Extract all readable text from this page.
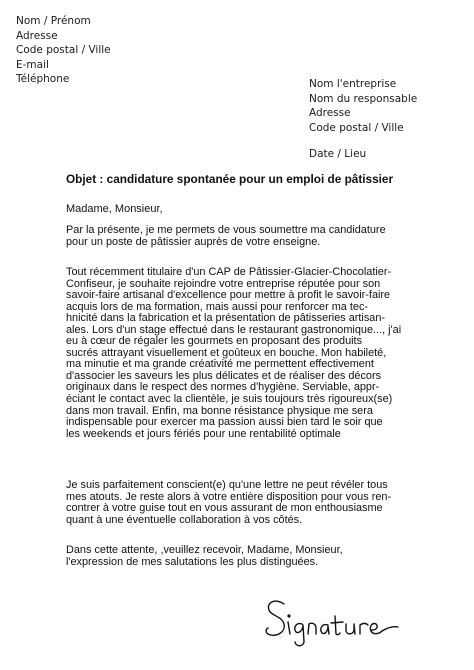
Nom / Prénom
Adresse
Code postal / Ville
E-mail
Téléphone	Nom l'entreprise
Nom du responsable
Adresse
Code postal / Ville
Date / Lieu
Objet : candidature spontanée pour un emploi de pâtissier
Madame, Monsieur,
Par la présente, je me permets de vous soumettre ma candidature
pour un poste de pâtissier auprès de votre enseigne.
Tout récemment titulaire d'un CAP de Pâtissier-Glacier-Chocolatier-
Confiseur, je souhaite rejoindre votre entreprise réputée pour son
savoir-faire artisanal d'excellence pour mettre à profit le savoir-faire
acquis lors de ma formation, mais aussi pour renforcer ma tec-
hnicité dans la fabrication et la présentation de pâtisseries artisan-
ales. Lors d'un stage effectué dans le restaurant gastronomique..., j'ai
eu à cœur de régaler les gourmets en proposant des produits
sucrés attrayant visuellement et goûteux en bouche. Mon habileté,
ma minutie et ma grande créativité me permettent effectivement
d'associer les saveurs les plus délicates et de réaliser des décors
originaux dans le respect des normes d'hygiène. Serviable, appr-
éciant le contact avec la clientèle, je suis toujours très rigoureux(se)
dans mon travail. Enfin, ma bonne résistance physique me sera
indispensable pour exercer ma passion aussi bien tard le soir que
les weekends et jours fériés pour une rentabilité optimale
Je suis parfaitement conscient(e) qu'une lettre ne peut révéler tous
mes atouts. Je reste alors à votre entière disposition pour vous ren-
contrer à votre guise tout en vous assurant de mon enthousiasme
quant à une éventuelle collaboration à vos côtés.
Dans cette attente, ,veuillez recevoir, Madame, Monsieur,
l'expression de mes salutations les plus distinguées.
